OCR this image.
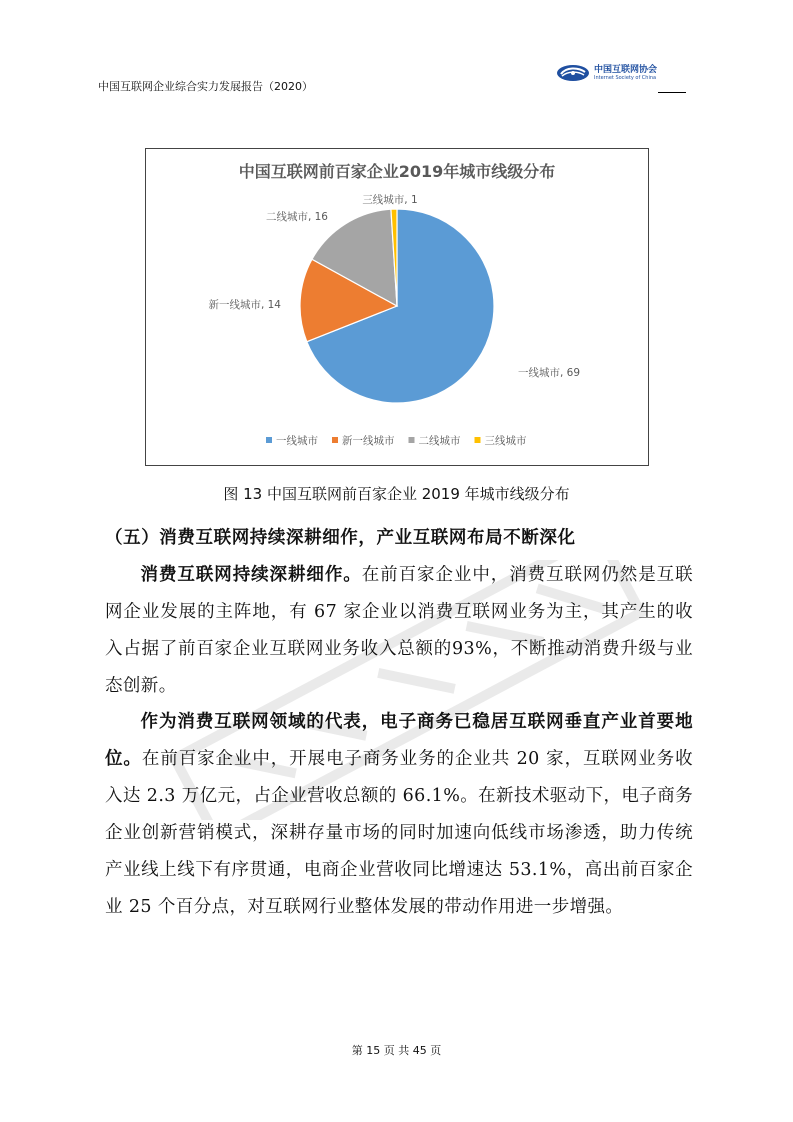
中国互联网企业综合实力发展报告（2020）
中国互联网协会
Internet Society of China
中国互联网前百家企业2019年城市线级分布
一线城市, 69
新一线城市, 14
二线城市, 16
三线城市, 1
一线城市 新一线城市 二线城市 三线城市
图 13 中国互联网前百家企业 2019 年城市线级分布
（五）消费互联网持续深耕细作，产业互联网布局不断深化
消费互联网持续深耕细作。在前百家企业中，消费互联网仍然是互联网企业发展的主阵地，有 67 家企业以消费互联网业务为主，其产生的收入占据了前百家企业互联网业务收入总额的93%，不断推动消费升级与业态创新。
作为消费互联网领域的代表，电子商务已稳居互联网垂直产业首要地位。在前百家企业中，开展电子商务业务的企业共 20 家，互联网业务收入达 2.3 万亿元，占企业营收总额的 66.1%。在新技术驱动下，电子商务企业创新营销模式，深耕存量市场的同时加速向低线市场渗透，助力传统产业线上线下有序贯通，电商企业营收同比增速达 53.1%，高出前百家企业 25 个百分点，对互联网行业整体发展的带动作用进一步增强。
第 15 页 共 45 页
